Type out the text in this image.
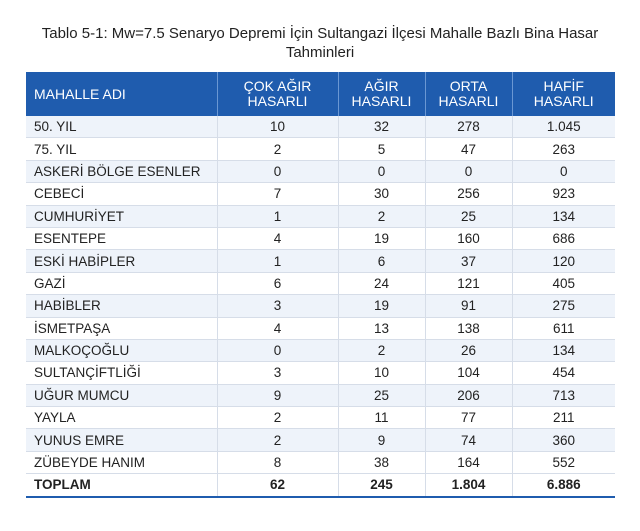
Tablo 5-1: Mw=7.5 Senaryo Depremi İçin Sultangazi İlçesi Mahalle Bazlı Bina Hasar
Tahminleri
MAHALLE ADI	ÇOK AĞIR HASARLI	AĞIR HASARLI	ORTA HASARLI	HAFİF HASARLI
50. YIL	10	32	278	1.045
75. YIL	2	5	47	263
ASKERİ BÖLGE ESENLER	0	0	0	0
CEBECİ	7	30	256	923
CUMHURİYET	1	2	25	134
ESENTEPE	4	19	160	686
ESKİ HABİPLER	1	6	37	120
GAZİ	6	24	121	405
HABİBLER	3	19	91	275
İSMETPAŞA	4	13	138	611
MALKOÇOĞLU	0	2	26	134
SULTANÇİFTLİĞİ	3	10	104	454
UĞUR MUMCU	9	25	206	713
YAYLA	2	11	77	211
YUNUS EMRE	2	9	74	360
ZÜBEYDE HANIM	8	38	164	552
TOPLAM	62	245	1.804	6.886
